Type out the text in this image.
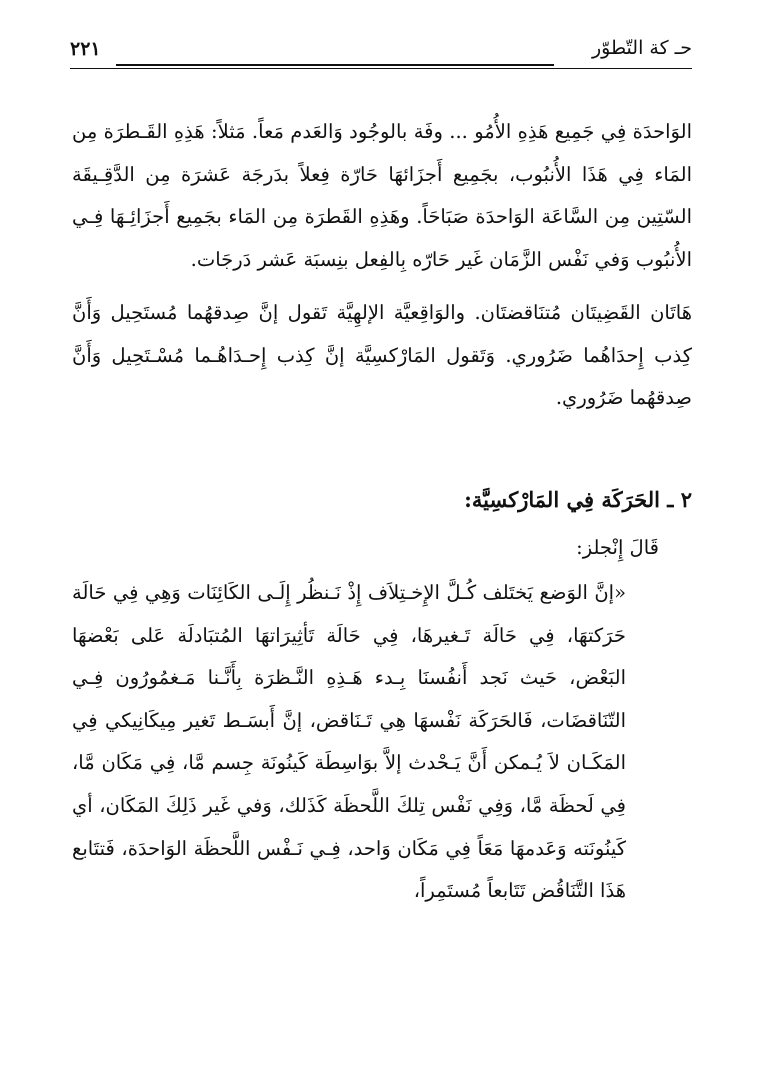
حـ كة التّطوّر
٢٢١

الوَاحدَة فِي جَمِيع هَذِهِ الأُمُو ... وفَة بالوجُود وَالعَدم مَعاً. مَثلاً: هَذِهِ القَـطرَة مِن المَاء فِي هَذَا الأُنبُوب، بجَمِيع أَجزَائهَا حَارّة فِعلاً بدَرجَة عَشرَة مِن الدَّقِـيقَة السّتِين مِن السَّاعَة الوَاحدَة صَبَاحَاً. وهَذِهِ القَطرَة مِن المَاء بجَمِيع أَجزَائِـهَا فِـي الأُنبُوب وَفي نَفْس الزَّمَان غَير حَارّه بِالفِعل بنِسبَة عَشر دَرجَات.

هَاتَان القَضِيتَان مُتنَاقضتَان. والوَاقِعيَّة الإلهِيَّة تَقول إنَّ صِدقهُما مُستَحِيل وَأَنَّ كِذب إِحدَاهُما ضَرُوري. وَتَقول المَارْكسِيَّة إنَّ كِذب إِحـدَاهُـما مُسْـتَحِيل وَأَنَّ صِدقهُما ضَرُوري.

٢ ـ الحَرَكَة فِي المَارْكسِيَّة:

قَالَ إِنْجلز:

«إنَّ الوَضع يَختَلف كُـلَّ الإِخـتِلاَف إِذْ نَـنظُر إِلَـى الكَائِنَات وَهِي فِي حَالَة حَرَكتهَا، فِي حَالَة تَـغيرهَا، فِي حَالَة تَأثِيرَاتهَا المُتبَادلَة عَلى بَعْضهَا البَعْض، حَيث نَجد أَنفُسنَا بِـدء هَـذِهِ النَّـظرَة بِأَنَّـنا مَـغمُورُون فِـي التّنَاقضَات، فَالحَرَكَة نَفْسهَا هِي تَـنَاقض، إنَّ أَبسَـط تَغير مِيكَانِيكي فِي المَكَـان لاَ يُـمكن أَنَّ يَـحْدث إلاَّ بوَاسِطَة كَينُونَة جِسم مَّا، فِي مَكَان مَّا، فِي لَحظَة مَّا، وَفِي نَفْس تِلكَ اللَّحظَة كَذَلك، وَفي غَير ذَلِكَ المَكَان، أي كَينُونَته وَعَدمهَا مَعَاً فِي مَكَان وَاحد، فِـي نَـفْس اللَّحظَة الوَاحدَة، فَتتَابع هَذَا التَّنَاقُض تَتَابعاً مُستَمِراً،
